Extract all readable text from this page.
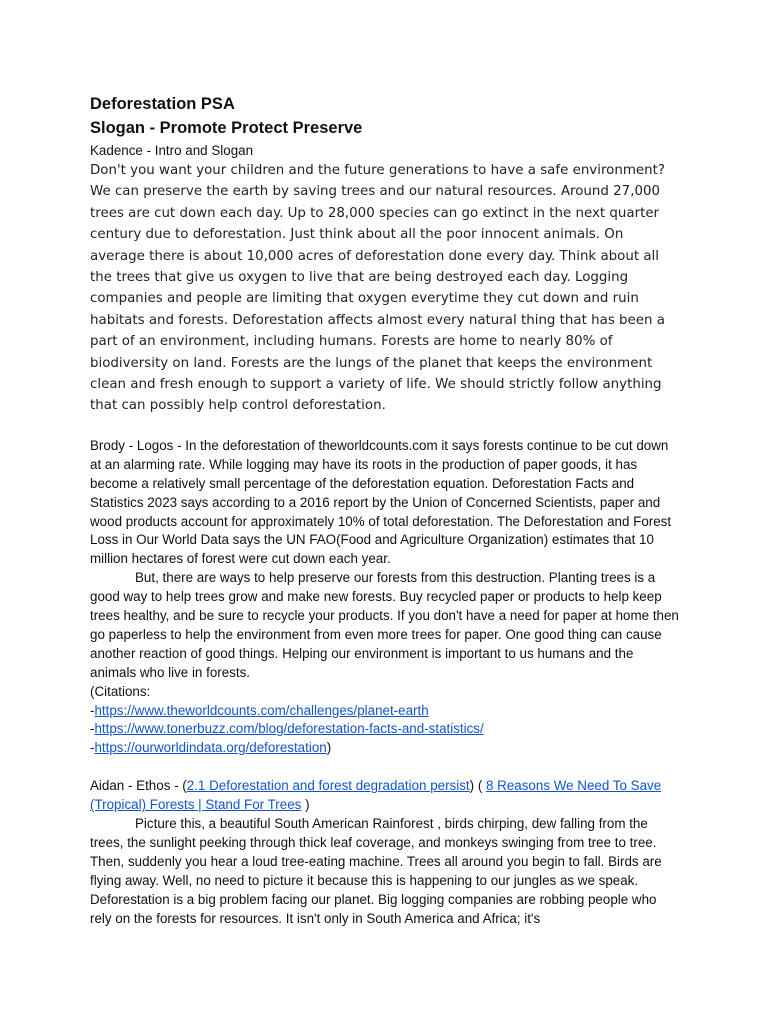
Deforestation PSA
Slogan - Promote Protect Preserve

Kadence - Intro and Slogan

Don't you want your children and the future generations to have a safe environment? We can preserve the earth by saving trees and our natural resources. Around 27,000 trees are cut down each day. Up to 28,000 species can go extinct in the next quarter century due to deforestation. Just think about all the poor innocent animals. On average there is about 10,000 acres of deforestation done every day. Think about all the trees that give us oxygen to live that are being destroyed each day. Logging companies and people are limiting that oxygen everytime they cut down and ruin habitats and forests. Deforestation affects almost every natural thing that has been a part of an environment, including humans. Forests are home to nearly 80% of biodiversity on land. Forests are the lungs of the planet that keeps the environment clean and fresh enough to support a variety of life. We should strictly follow anything that can possibly help control deforestation.

Brody - Logos - In the deforestation of theworldcounts.com it says forests continue to be cut down at an alarming rate. While logging may have its roots in the production of paper goods, it has become a relatively small percentage of the deforestation equation. Deforestation Facts and Statistics 2023 says according to a 2016 report by the Union of Concerned Scientists, paper and wood products account for approximately 10% of total deforestation. The Deforestation and Forest Loss in Our World Data says the UN FAO(Food and Agriculture Organization) estimates that 10 million hectares of forest were cut down each year.

But, there are ways to help preserve our forests from this destruction. Planting trees is a good way to help trees grow and make new forests. Buy recycled paper or products to help keep trees healthy, and be sure to recycle your products. If you don't have a need for paper at home then go paperless to help the environment from even more trees for paper. One good thing can cause another reaction of good things. Helping our environment is important to us humans and the animals who live in forests.

(Citations:

-https://www.theworldcounts.com/challenges/planet-earth

-https://www.tonerbuzz.com/blog/deforestation-facts-and-statistics/

-https://ourworldindata.org/deforestation)

Aidan - Ethos - (2.1 Deforestation and forest degradation persist) ( 8 Reasons We Need To Save (Tropical) Forests | Stand For Trees )

Picture this, a beautiful South American Rainforest , birds chirping, dew falling from the trees, the sunlight peeking through thick leaf coverage, and monkeys swinging from tree to tree. Then, suddenly you hear a loud tree-eating machine. Trees all around you begin to fall. Birds are flying away. Well, no need to picture it because this is happening to our jungles as we speak. Deforestation is a big problem facing our planet. Big logging companies are robbing people who rely on the forests for resources. It isn't only in South America and Africa; it's
